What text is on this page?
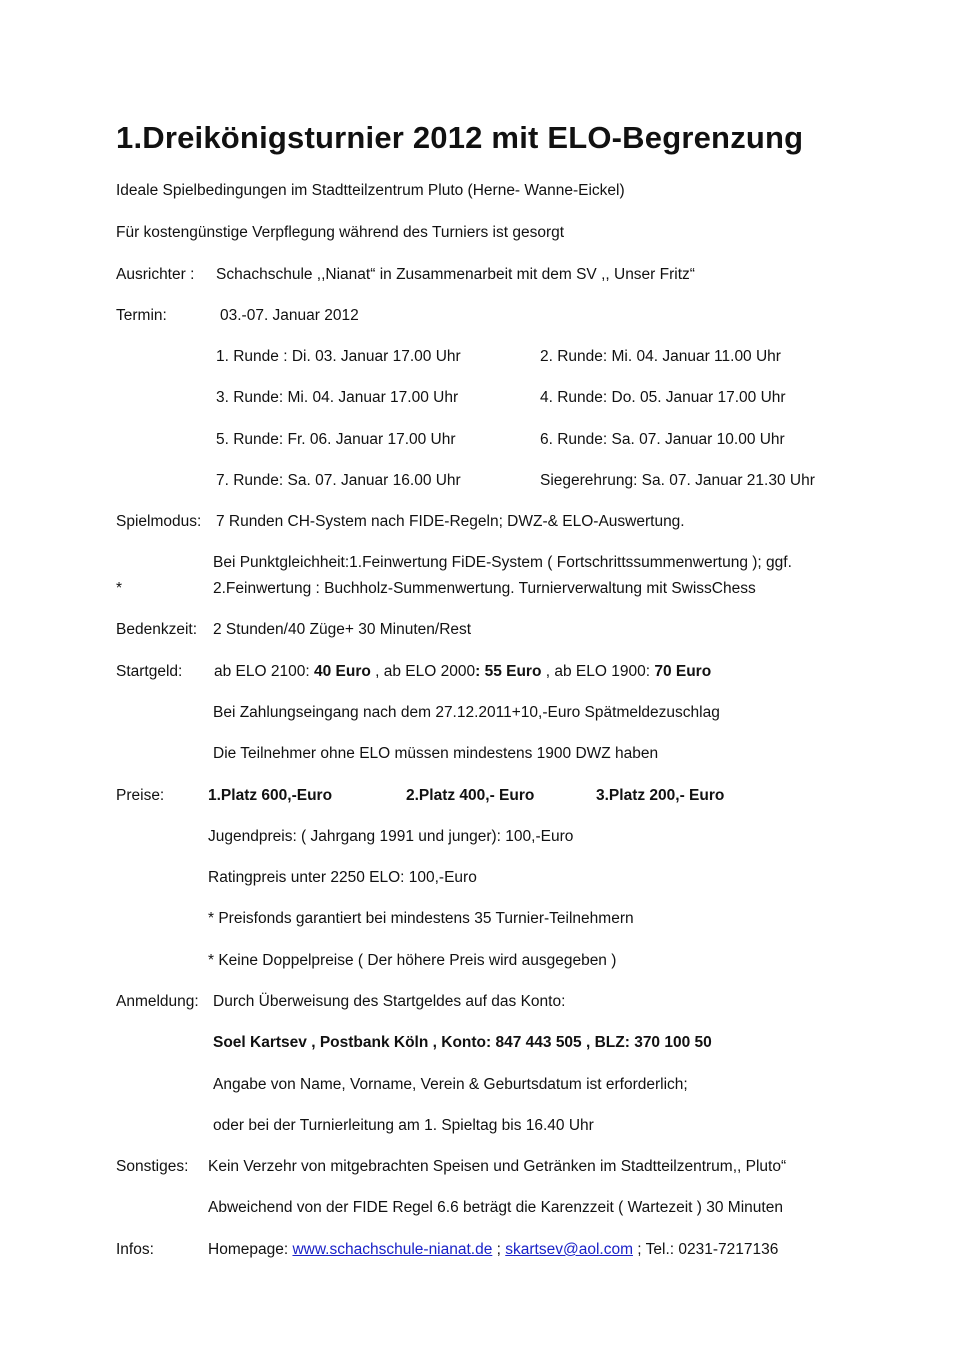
1.Dreikönigsturnier 2012 mit ELO-Begrenzung
Ideale Spielbedingungen im Stadtteilzentrum Pluto (Herne- Wanne-Eickel)
Für kostengünstige Verpflegung während des Turniers ist gesorgt
Ausrichter : Schachschule ,,Nianat“ in Zusammenarbeit mit dem SV ,, Unser Fritz“
Termin:	03.-07. Januar 2012
1. Runde : Di. 03. Januar 17.00 Uhr	2. Runde: Mi. 04. Januar 11.00 Uhr
3. Runde: Mi. 04. Januar 17.00 Uhr	4. Runde: Do. 05. Januar 17.00 Uhr
5. Runde: Fr. 06. Januar 17.00 Uhr	6. Runde: Sa. 07. Januar 10.00 Uhr
7. Runde: Sa. 07. Januar 16.00 Uhr	Siegerehrung: Sa. 07. Januar 21.30 Uhr
Spielmodus: 7 Runden CH-System nach FIDE-Regeln; DWZ-& ELO-Auswertung.
Bei Punktgleichheit:1.Feinwertung FiDE-System ( Fortschrittssummenwertung ); ggf.
*	2.Feinwertung : Buchholz-Summenwertung. Turnierverwaltung mit SwissChess
Bedenkzeit: 2 Stunden/40 Züge+ 30 Minuten/Rest
Startgeld: ab ELO 2100: 40 Euro , ab ELO 2000: 55 Euro , ab ELO 1900: 70 Euro
Bei Zahlungseingang nach dem 27.12.2011+10,-Euro Spätmeldezuschlag
Die Teilnehmer ohne ELO müssen mindestens 1900 DWZ haben
Preise:	1.Platz 600,-Euro	2.Platz 400,- Euro	3.Platz 200,- Euro
Jugendpreis: ( Jahrgang 1991 und junger): 100,-Euro
Ratingpreis unter 2250 ELO: 100,-Euro
* Preisfonds garantiert bei mindestens 35 Turnier-Teilnehmern
* Keine Doppelpreise ( Der höhere Preis wird ausgegeben )
Anmeldung: Durch Überweisung des Startgeldes auf das Konto:
Soel Kartsev , Postbank Köln , Konto: 847 443 505 , BLZ: 370 100 50
Angabe von Name, Vorname, Verein & Geburtsdatum ist erforderlich;
oder bei der Turnierleitung am 1. Spieltag bis 16.40 Uhr
Sonstiges: Kein Verzehr von mitgebrachten Speisen und Getränken im Stadtteilzentrum,, Pluto“
Abweichend von der FIDE Regel 6.6 beträgt die Karenzzeit ( Wartezeit ) 30 Minuten
Infos:	Homepage: www.schachschule-nianat.de ; skartsev@aol.com ; Tel.: 0231-7217136
